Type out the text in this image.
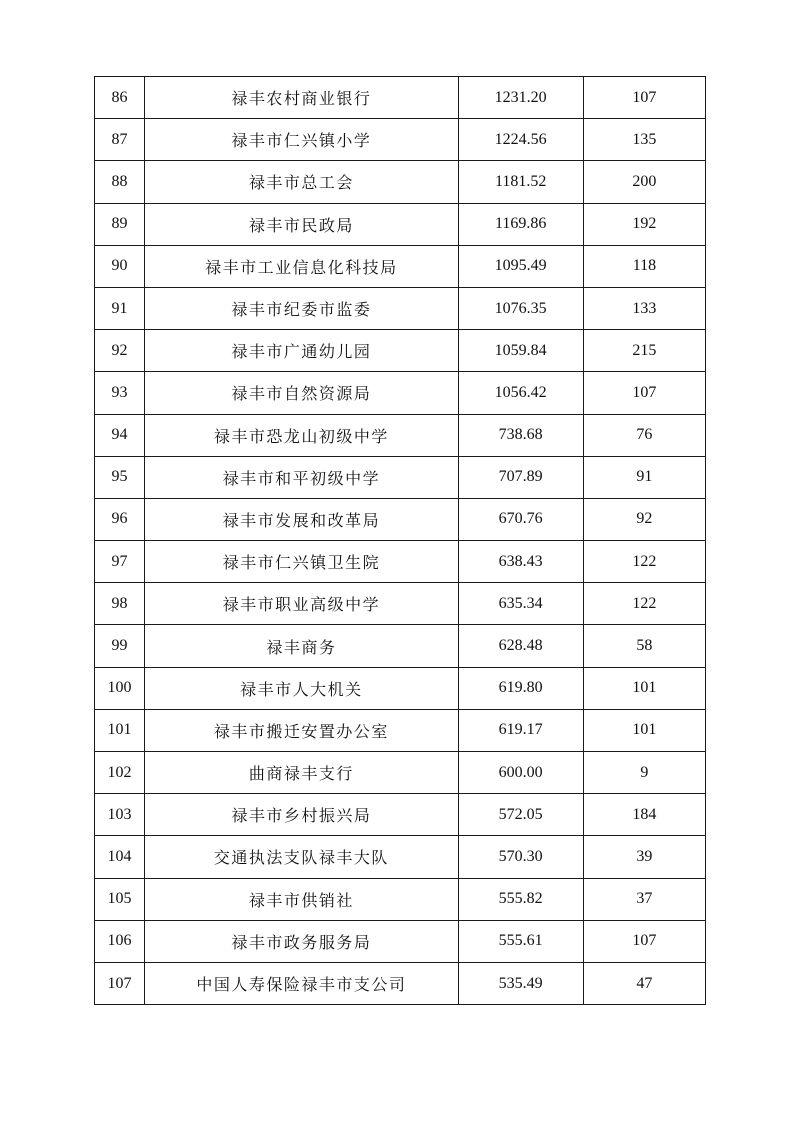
86	禄丰农村商业银行	1231.20	107
87	禄丰市仁兴镇小学	1224.56	135
88	禄丰市总工会	1181.52	200
89	禄丰市民政局	1169.86	192
90	禄丰市工业信息化科技局	1095.49	118
91	禄丰市纪委市监委	1076.35	133
92	禄丰市广通幼儿园	1059.84	215
93	禄丰市自然资源局	1056.42	107
94	禄丰市恐龙山初级中学	738.68	76
95	禄丰市和平初级中学	707.89	91
96	禄丰市发展和改革局	670.76	92
97	禄丰市仁兴镇卫生院	638.43	122
98	禄丰市职业高级中学	635.34	122
99	禄丰商务	628.48	58
100	禄丰市人大机关	619.80	101
101	禄丰市搬迁安置办公室	619.17	101
102	曲商禄丰支行	600.00	9
103	禄丰市乡村振兴局	572.05	184
104	交通执法支队禄丰大队	570.30	39
105	禄丰市供销社	555.82	37
106	禄丰市政务服务局	555.61	107
107	中国人寿保险禄丰市支公司	535.49	47
